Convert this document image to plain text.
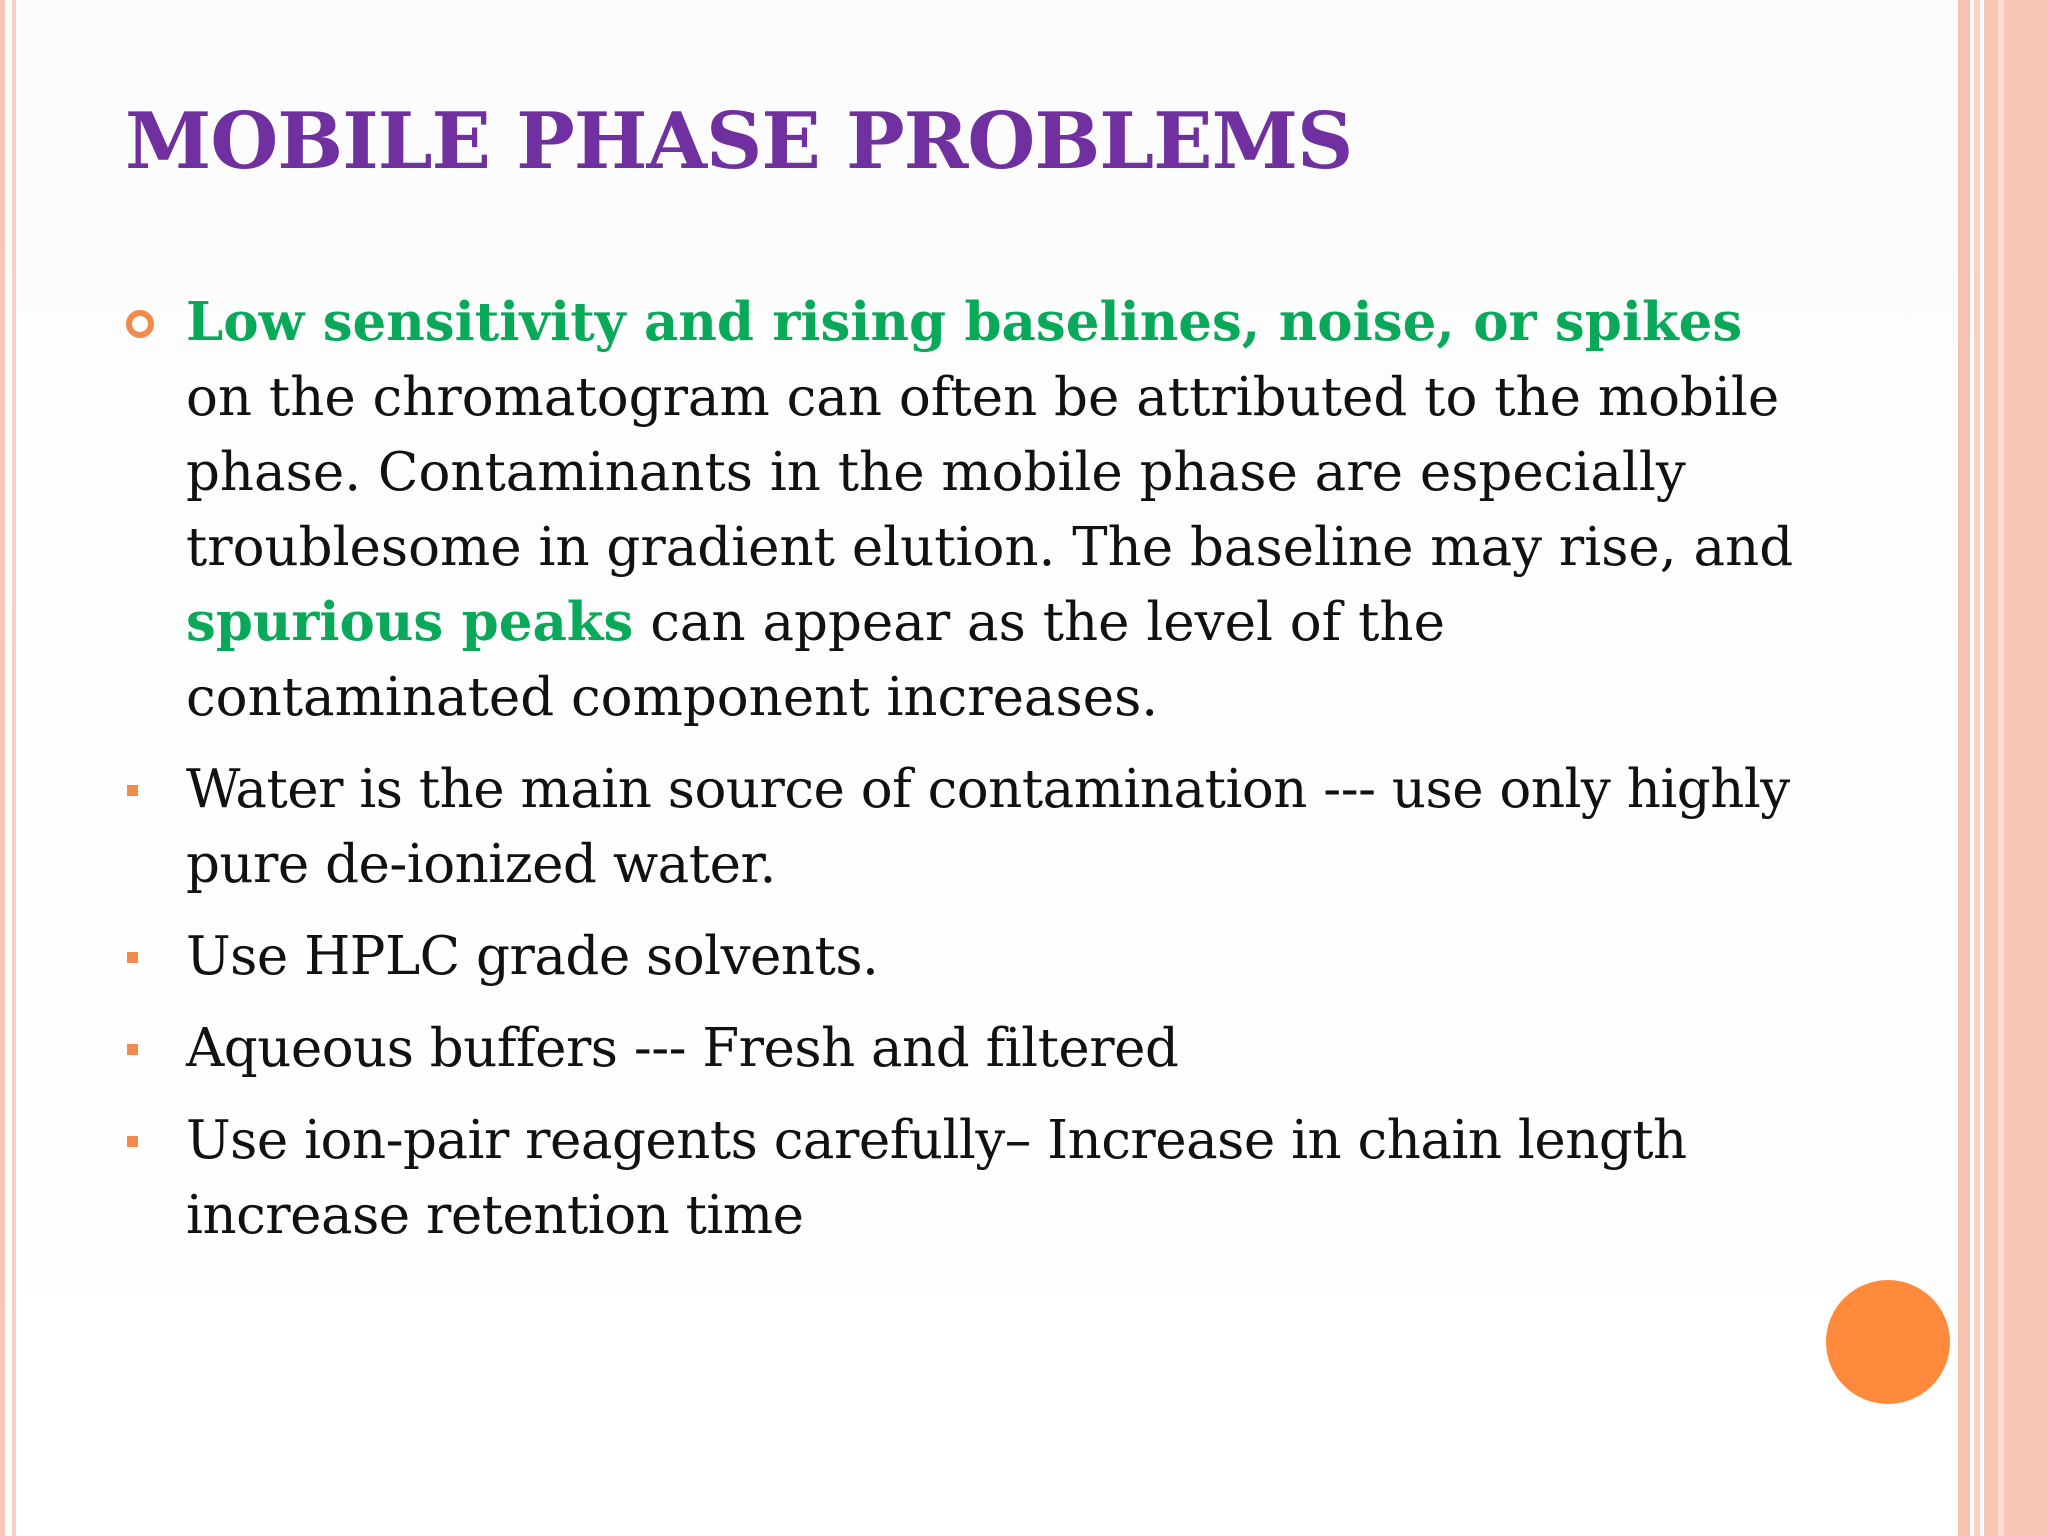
MOBILE PHASE PROBLEMS
Low sensitivity and rising baselines, noise, or spikes on the chromatogram can often be attributed to the mobile phase. Contaminants in the mobile phase are especially troublesome in gradient elution. The baseline may rise, and spurious peaks can appear as the level of the contaminated component increases.
Water is the main source of contamination --- use only highly pure de-ionized water.
Use HPLC grade solvents.
Aqueous buffers --- Fresh and filtered
Use ion-pair reagents carefully– Increase in chain length increase retention time
